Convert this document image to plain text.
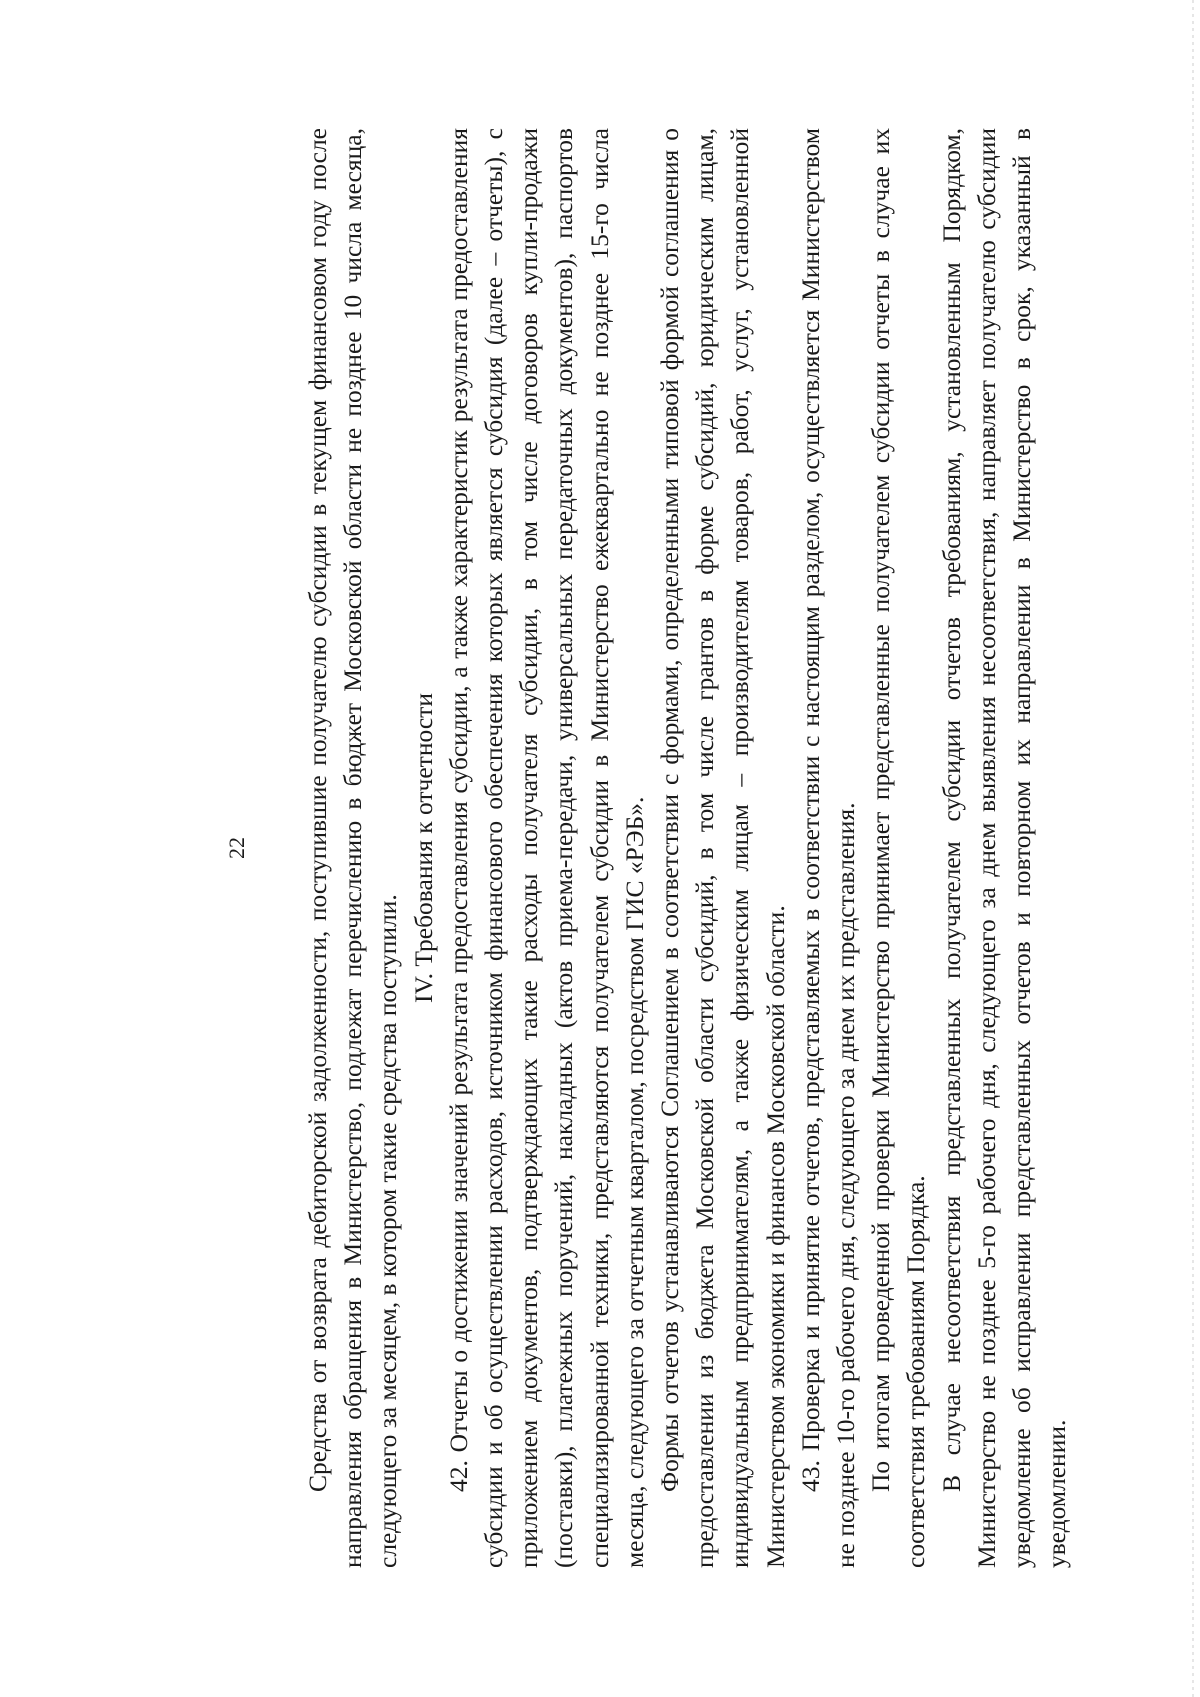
22 Средства от возврата дебиторской задолженности, поступившие получателю субсидии в текущем финансовом году после направления обращения в Министерство, подлежат перечислению в бюджет Московской области не позднее 10 числа месяца, следующего за месяцем, в котором такие средства поступили.

IV. Требования к отчетности 42. Отчеты о достижении значений результата предоставления субсидии, а также характеристик результата предоставления субсидии и об осуществлении расходов, источником финансового обеспечения которых является субсидия (далее – отчеты), с приложением документов, подтверждающих такие расходы получателя субсидии, в том числе договоров купли-продажи (поставки), платежных поручений, накладных (актов приема-передачи, универсальных передаточных документов), паспортов специализированной техники, представляются получателем субсидии в Министерство ежеквартально не позднее 15-го числа месяца, следующего за отчетным кварталом, посредством ГИС «РЭБ». Формы отчетов устанавливаются Соглашением в соответствии с формами, определенными типовой формой соглашения о предоставлении из бюджета Московской области субсидий, в том числе грантов в форме субсидий, юридическим лицам, индивидуальным предпринимателям, а также физическим лицам – производителям товаров, работ, услуг, установленной Министерством экономики и финансов Московской области. 43. Проверка и принятие отчетов, представляемых в соответствии с настоящим разделом, осуществляется Министерством не позднее 10-го рабочего дня, следующего за днем их представления. По итогам проведенной проверки Министерство принимает представленные получателем субсидии отчеты в случае их соответствия требованиям Порядка. В случае несоответствия представленных получателем субсидии отчетов требованиям, установленным Порядком, Министерство не позднее 5-го рабочего дня, следующего за днем выявления несоответствия, направляет получателю субсидии уведомление об исправлении представленных отчетов и повторном их направлении в Министерство в срок, указанный в уведомлении.
